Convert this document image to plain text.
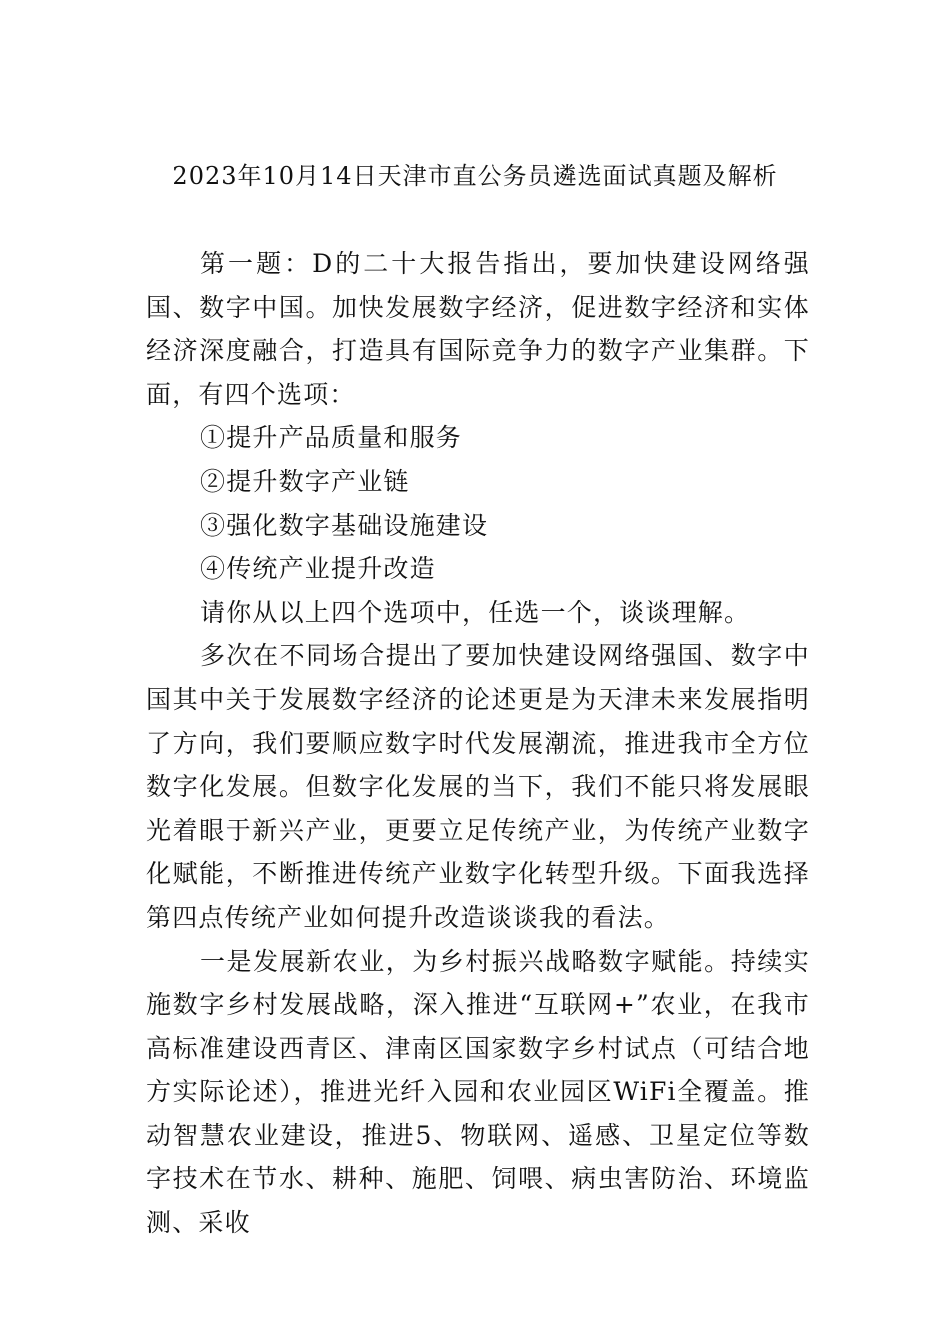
2023年10月14日天津市直公务员遴选面试真题及解析

第一题：D的二十大报告指出，要加快建设网络强国、数字中国。加快发展数字经济，促进数字经济和实体经济深度融合，打造具有国际竞争力的数字产业集群。下面，有四个选项：

①提升产品质量和服务

②提升数字产业链

③强化数字基础设施建设

④传统产业提升改造

请你从以上四个选项中，任选一个，谈谈理解。

多次在不同场合提出了要加快建设网络强国、数字中国其中关于发展数字经济的论述更是为天津未来发展指明了方向，我们要顺应数字时代发展潮流，推进我市全方位数字化发展。但数字化发展的当下，我们不能只将发展眼光着眼于新兴产业，更要立足传统产业，为传统产业数字化赋能，不断推进传统产业数字化转型升级。下面我选择第四点传统产业如何提升改造谈谈我的看法。

一是发展新农业，为乡村振兴战略数字赋能。持续实施数字乡村发展战略，深入推进“互联网+”农业，在我市高标准建设西青区、津南区国家数字乡村试点（可结合地方实际论述），推进光纤入园和农业园区WiFi全覆盖。推动智慧农业建设，推进5、物联网、遥感、卫星定位等数字技术在节水、耕种、施肥、饲喂、病虫害防治、环境监测、采收
